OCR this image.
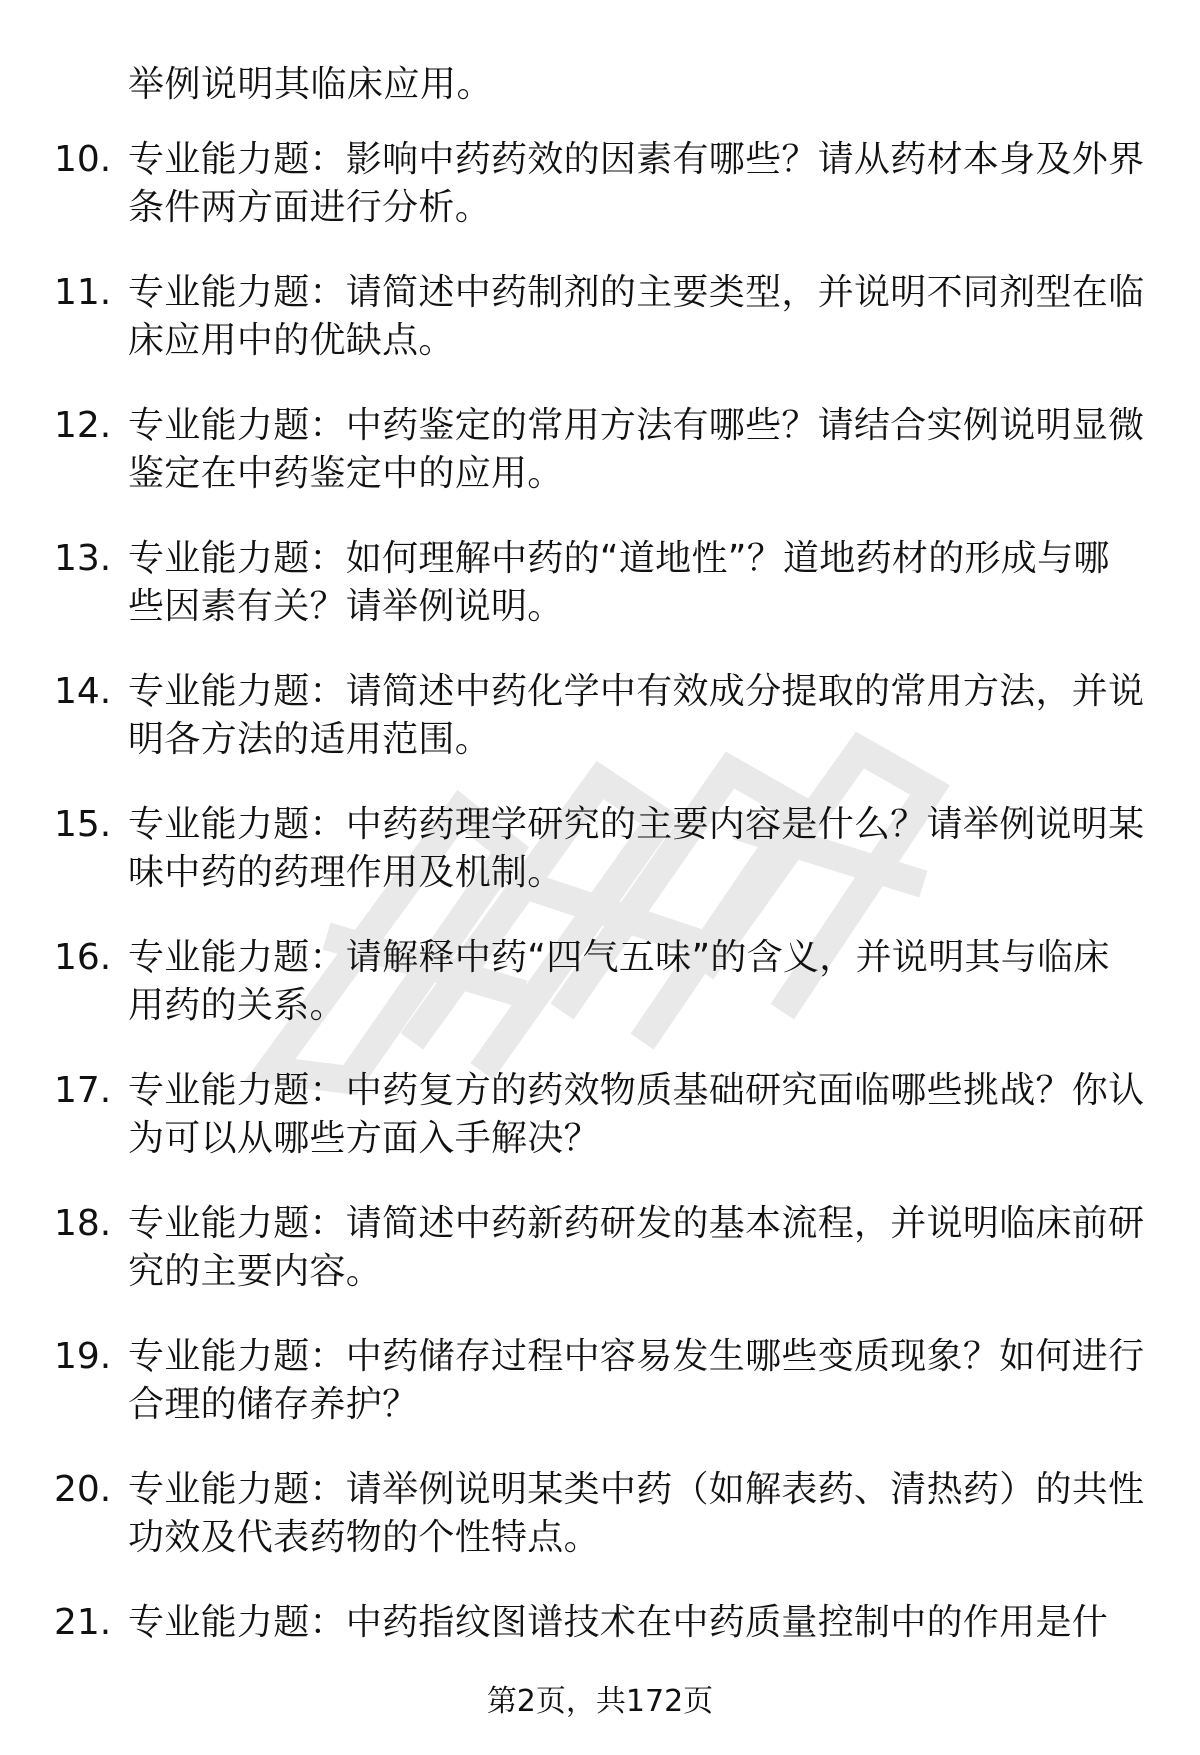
举例说明其临床应用。
10. 专业能力题：影响中药药效的因素有哪些？请从药材本身及外界
条件两方面进行分析。
11. 专业能力题：请简述中药制剂的主要类型，并说明不同剂型在临
床应用中的优缺点。
12. 专业能力题：中药鉴定的常用方法有哪些？请结合实例说明显微
鉴定在中药鉴定中的应用。
13. 专业能力题：如何理解中药的“道地性”？道地药材的形成与哪
些因素有关？请举例说明。
14. 专业能力题：请简述中药化学中有效成分提取的常用方法，并说
明各方法的适用范围。
15. 专业能力题：中药药理学研究的主要内容是什么？请举例说明某
味中药的药理作用及机制。
16. 专业能力题：请解释中药“四气五味”的含义，并说明其与临床
用药的关系。
17. 专业能力题：中药复方的药效物质基础研究面临哪些挑战？你认
为可以从哪些方面入手解决？
18. 专业能力题：请简述中药新药研发的基本流程，并说明临床前研
究的主要内容。
19. 专业能力题：中药储存过程中容易发生哪些变质现象？如何进行
合理的储存养护？
20. 专业能力题：请举例说明某类中药（如解表药、清热药）的共性
功效及代表药物的个性特点。
21. 专业能力题：中药指纹图谱技术在中药质量控制中的作用是什
第2页，共172页
